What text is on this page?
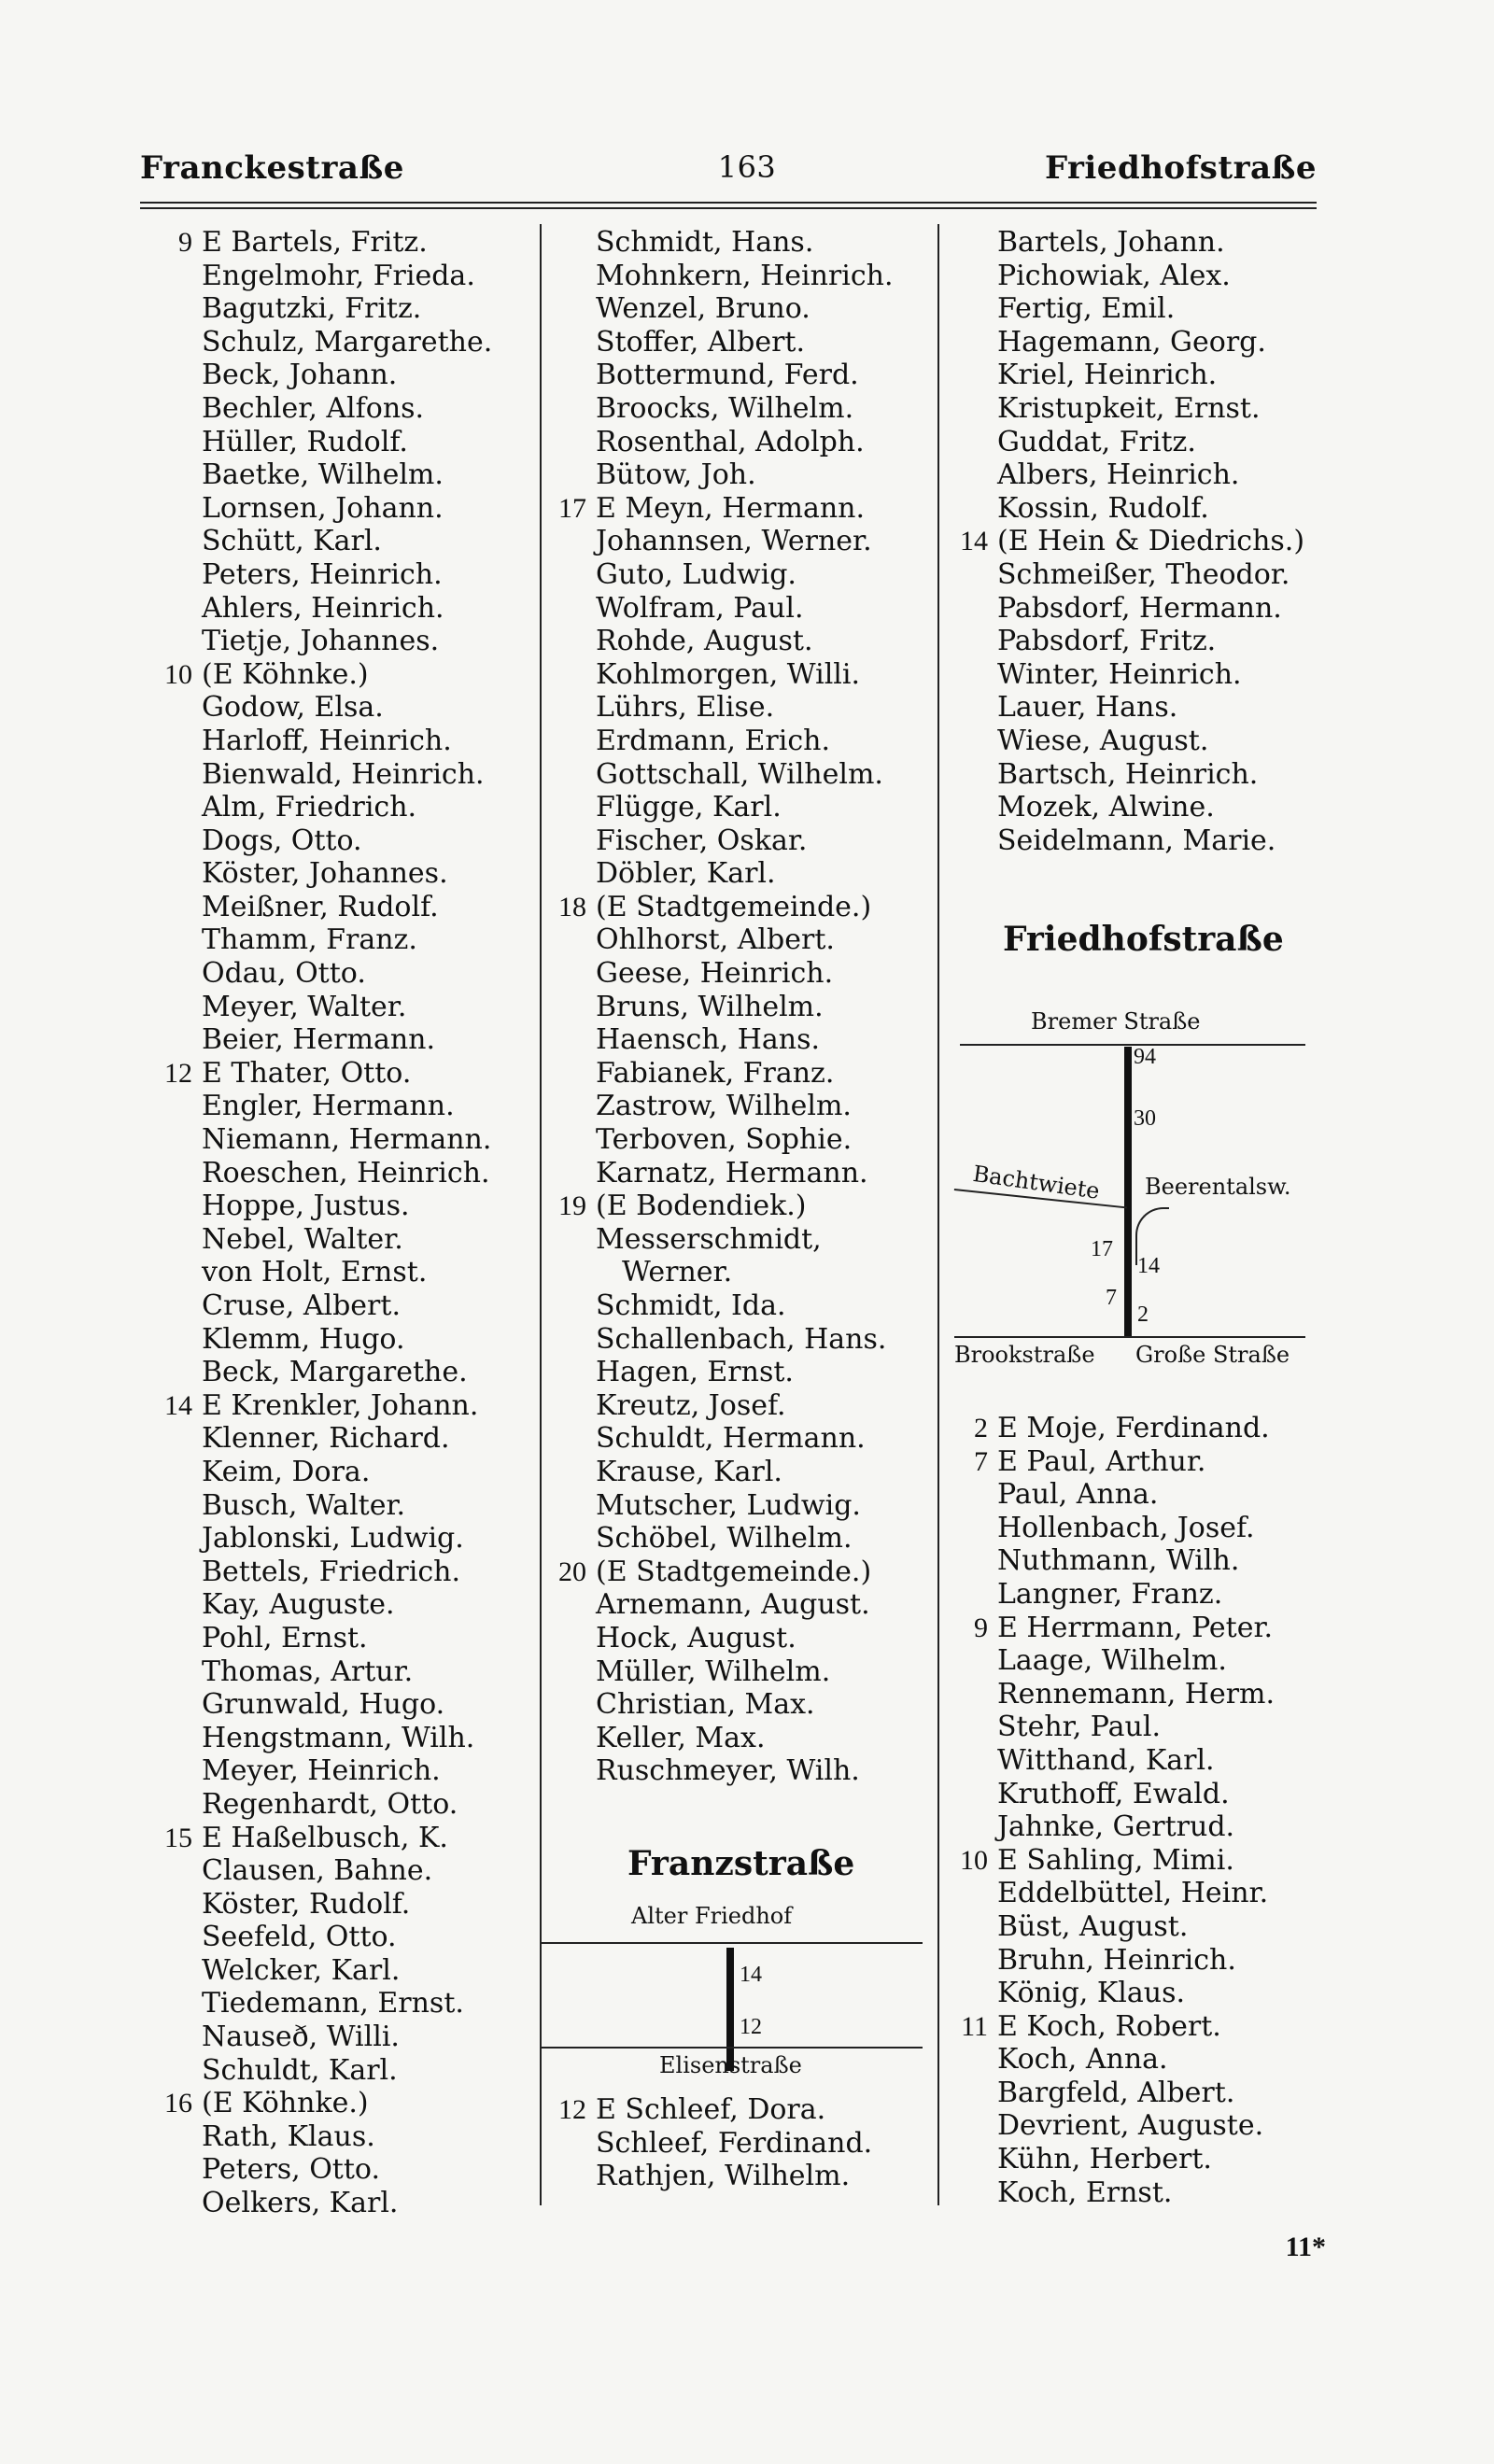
163
Franckestraße	Friedhofstraße
9 E Bartels, Fritz.
Engelmohr, Frieda.
Bagutzki, Fritz.
Schulz, Margarethe.
Beck, Johann.
Bechler, Alfons.
Hüller, Rudolf.
Baetke, Wilhelm.
Lornsen, Johann.
Schütt, Karl.
Peters, Heinrich.
Ahlers, Heinrich.
Tietje, Johannes.
10 (E Köhnke.)
Godow, Elsa.
Harloff, Heinrich.
Bienwald, Heinrich.
Alm, Friedrich.
Dogs, Otto.
Köster, Johannes.
Meißner, Rudolf.
Thamm, Franz.
Odau, Otto.
Meyer, Walter.
Beier, Hermann.
12 E Thater, Otto.
Engler, Hermann.
Niemann, Hermann.
Roeschen, Heinrich.
Hoppe, Justus.
Nebel, Walter.
von Holt, Ernst.
Cruse, Albert.
Klemm, Hugo.
Beck, Margarethe.
14 E Krenkler, Johann.
Klenner, Richard.
Keim, Dora.
Busch, Walter.
Jablonski, Ludwig.
Bettels, Friedrich.
Kay, Auguste.
Pohl, Ernst.
Thomas, Artur.
Grunwald, Hugo.
Hengstmann, Wilh.
Meyer, Heinrich.
Regenhardt, Otto.
15 E Haßelbusch, K.
Clausen, Bahne.
Köster, Rudolf.
Seefeld, Otto.
Welcker, Karl.
Tiedemann, Ernst.
Nauseð, Willi.
Schuldt, Karl.
16 (E Köhnke.)
Rath, Klaus.
Peters, Otto.
Oelkers, Karl.
Schmidt, Hans.
Mohnkern, Heinrich.
Wenzel, Bruno.
Stoffer, Albert.
Bottermund, Ferd.
Broocks, Wilhelm.
Rosenthal, Adolph.
Bütow, Joh.
17 E Meyn, Hermann.
Johannsen, Werner.
Guto, Ludwig.
Wolfram, Paul.
Rohde, August.
Kohlmorgen, Willi.
Lührs, Elise.
Erdmann, Erich.
Gottschall, Wilhelm.
Flügge, Karl.
Fischer, Oskar.
Döbler, Karl.
18 (E Stadtgemeinde.)
Ohlhorst, Albert.
Geese, Heinrich.
Bruns, Wilhelm.
Haensch, Hans.
Fabianek, Franz.
Zastrow, Wilhelm.
Terboven, Sophie.
Karnatz, Hermann.
19 (E Bodendiek.)
Messerschmidt,
Werner.
Schmidt, Ida.
Schallenbach, Hans.
Hagen, Ernst.
Kreutz, Josef.
Schuldt, Hermann.
Krause, Karl.
Mutscher, Ludwig.
Schöbel, Wilhelm.
20 (E Stadtgemeinde.)
Arnemann, August.
Hock, August.
Müller, Wilhelm.
Christian, Max.
Keller, Max.
Ruschmeyer, Wilh.
Bartels, Johann.
Pichowiak, Alex.
Fertig, Emil.
Hagemann, Georg.
Kriel, Heinrich.
Kristupkeit, Ernst.
Guddat, Fritz.
Albers, Heinrich.
Kossin, Rudolf.
14 (E Hein & Diedrichs.)
Schmeißer, Theodor.
Pabsdorf, Hermann.
Pabsdorf, Fritz.
Winter, Heinrich.
Lauer, Hans.
Wiese, August.
Bartsch, Heinrich.
Mozek, Alwine.
Seidelmann, Marie.
Franzstraße
Alter Friedhof
14
12
Elisenstraße
12 E Schleef, Dora.
Schleef, Ferdinand.
Rathjen, Wilhelm.
Friedhofstraße
Bremer Straße
94
30
Bachtwiete Beerentalsw.
17
14
7
2
Brookstraße Große Straße
2 E Moje, Ferdinand.
7 E Paul, Arthur.
Paul, Anna.
Hollenbach, Josef.
Nuthmann, Wilh.
Langner, Franz.
9 E Herrmann, Peter.
Laage, Wilhelm.
Rennemann, Herm.
Stehr, Paul.
Witthand, Karl.
Kruthoff, Ewald.
Jahnke, Gertrud.
10 E Sahling, Mimi.
Eddelbüttel, Heinr.
Büst, August.
Bruhn, Heinrich.
König, Klaus.
11 E Koch, Robert.
Koch, Anna.
Bargfeld, Albert.
Devrient, Auguste.
Kühn, Herbert.
Koch, Ernst.
11*
